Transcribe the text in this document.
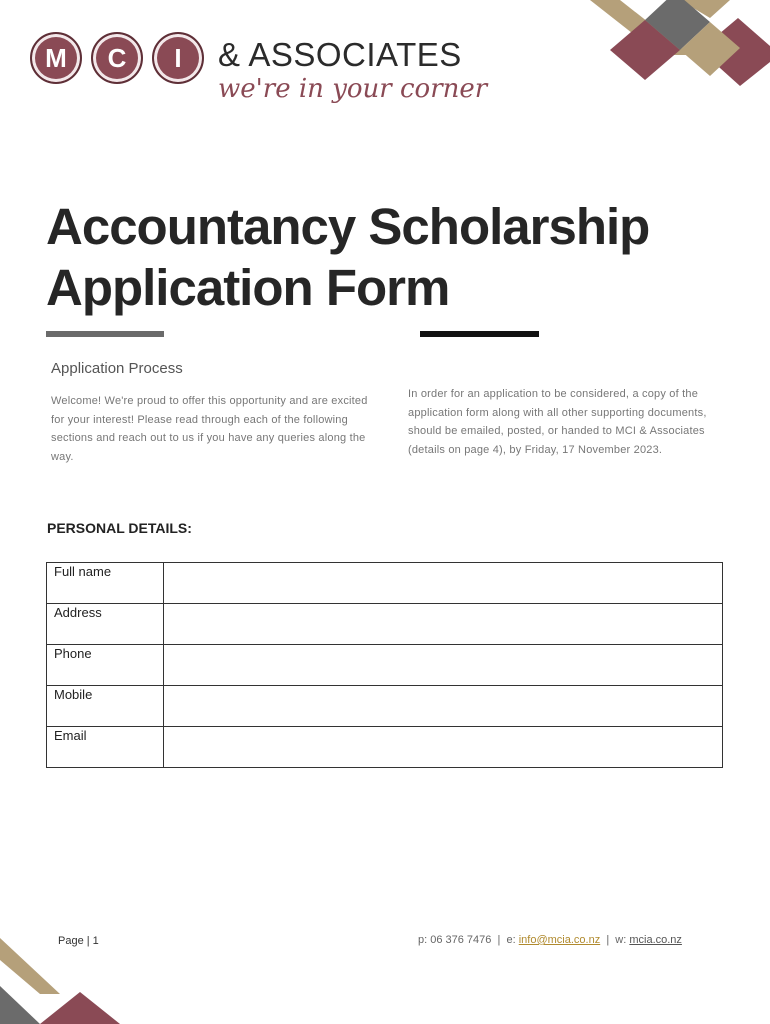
M	C	I	& ASSOCIATES
we're in your corner
Accountancy Scholarship
Application Form
Application Process

Welcome! We're proud to offer this opportunity and are excited for your interest! Please read through each of the following sections and reach out to us if you have any queries along the way.

In order for an application to be considered, a copy of the application form along with all other supporting documents, should be emailed, posted, or handed to MCI & Associates (details on page 4), by Friday, 17 November 2023.

PERSONAL DETAILS:
Full name	
Address	
Phone	
Mobile	
Email	
Page | 1	p: 06 376 7476  |  e: info@mcia.co.nz  |  w: mcia.co.nz
